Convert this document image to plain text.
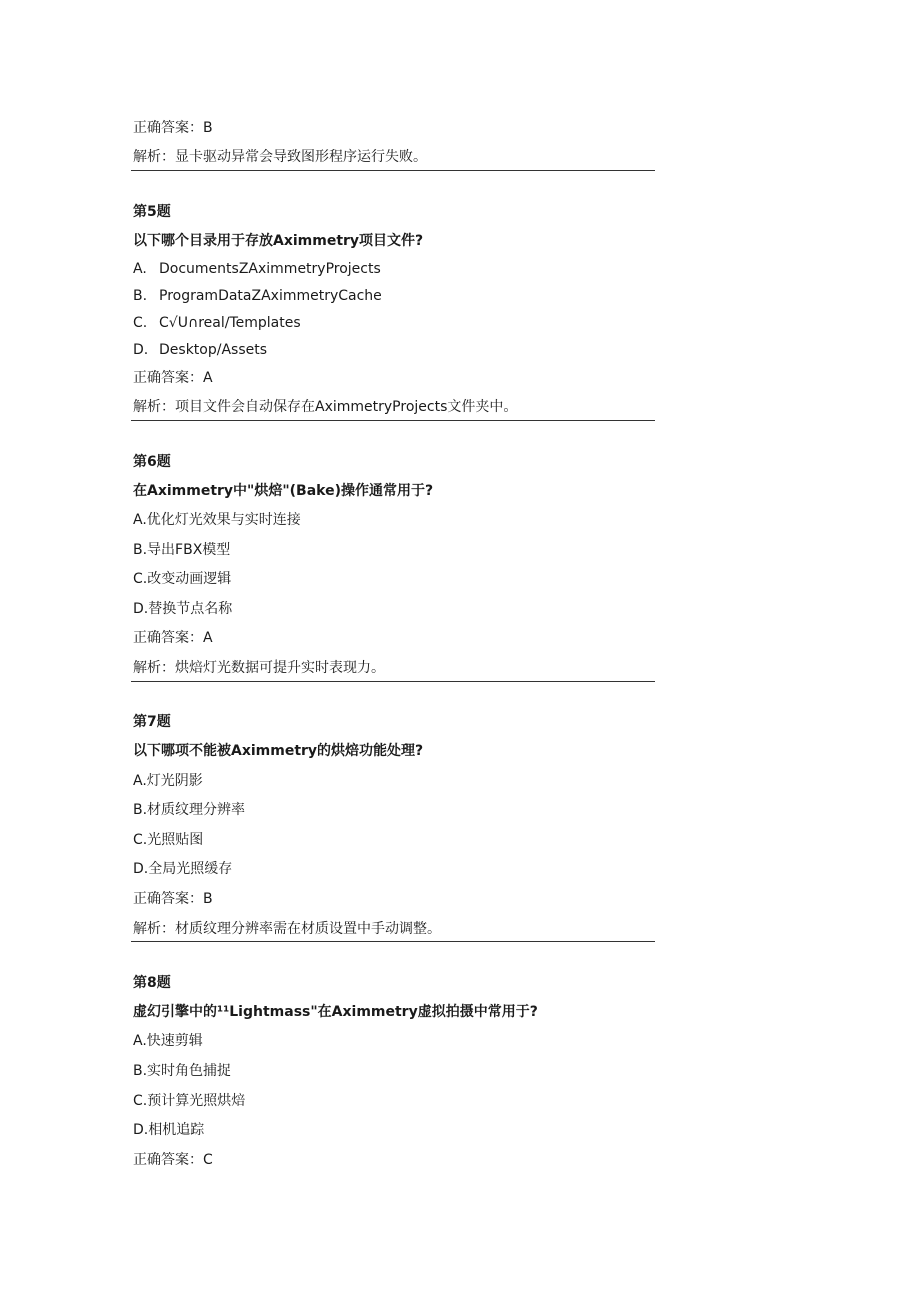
正确答案：B
解析：显卡驱动异常会导致图形程序运行失败。
第5题
以下哪个目录用于存放Aximmetry项目文件?
A. DocumentsZAximmetryProjects
B. ProgramDataZAximmetryCache
C. C√U∩real∕Templates
D. Desktop/Assets
正确答案：A
解析：项目文件会自动保存在AximmetryProjects文件夹中。
第6题
在Aximmetry中"烘焙"(Bake)操作通常用于?
A.优化灯光效果与实时连接
B.导出FBX模型
C.改变动画逻辑
D.替换节点名称
正确答案：A
解析：烘焙灯光数据可提升实时表现力。
第7题
以下哪项不能被Aximmetry的烘焙功能处理?
A.灯光阴影
B.材质纹理分辨率
C.光照贴图
D.全局光照缓存
正确答案：B
解析：材质纹理分辨率需在材质设置中手动调整。
第8题
虚幻引擎中的¹¹Lightmass"在Aximmetry虚拟拍摄中常用于?
A.快速剪辑
B.实时角色捕捉
C.预计算光照烘焙
D.相机追踪
正确答案：C
